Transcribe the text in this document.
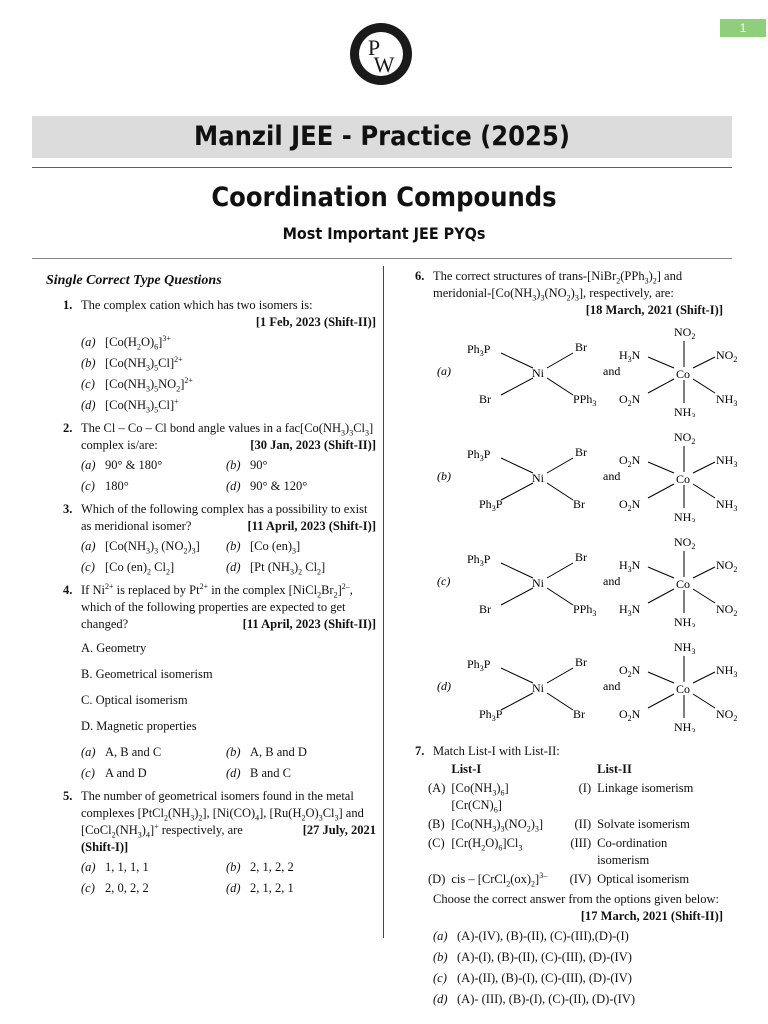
1
P
W
Manzil JEE - Practice (2025)
Coordination Compounds
Most Important JEE PYQs
Single Correct Type Questions
1. The complex cation which has two isomers is:
[1 Feb, 2023 (Shift-II)]
(a) $[Co(H_2O)_6]^{3+}$
(b) $[Co(NH_3)_5Cl]^{2+}$
(c) $[Co(NH_3)_5NO_2]^{2+}$
(d) $[Co(NH_3)_5Cl]^+$
2. The Cl – Co – Cl bond angle values in a $fac[Co(NH_3)_3Cl_3]$ complex is/are:	[30 Jan, 2023 (Shift-II)]
(a) 90° & 180°	(b) 90°
(c) 180°	(d) 90° & 120°
3. Which of the following complex has a possibility to exist as meridional isomer?	[11 April, 2023 (Shift-I)]
(a) [$Co(NH_3)_3$ $(NO_2)_3$] (b) [Co $(en)_3$]
(c) [Co $(en)_2$ $Cl_2$]	(d) [Pt $(NH_3)_2$ $Cl_2$]
4. If $Ni^{2+}$ is replaced by $Pt^{2+}$ in the complex $[NiCl_2Br_2]^{2-}$, which of the following properties are expected to get changed?	[11 April, 2023 (Shift-II)]
A. Geometry
B. Geometrical isomerism
C. Optical isomerism
D. Magnetic properties
(a) A, B and C	(b) A, B and D
(c) A and D	(d) B and C
5. The number of geometrical isomers found in the metal complexes $[PtCl_2(NH_3)_2]$, $[Ni(CO)_4]$, $[Ru(H_2O)_3Cl_3]$ and $[CoCl_2(NH_3)_4]^+$ respectively, are	[27 July, 2021
(Shift-I)]
(a) 1, 1, 1, 1	(b) 2, 1, 2, 2
(c) 2, 0, 2, 2	(d) 2, 1, 2, 1
6. The correct structures of trans-$[NiBr_2(PPh_3)_2]$ and meridonial-$[Co(NH_3)_3(NO_2)_3]$, respectively, are:
[18 March, 2021 (Shift-I)]
(a)	Ni
$Ph_3P$	Br
Br	PPh$_3$
and	Co
$NO_2$
$H_3N$	$NO_2$
$O_2N$	$NH_3$
$NH_3$
(b)	Ni
$Ph_3P$	Br
$Ph_3P$	Br
and	Co
$NO_2$
$O_2N$	$NH_3$
$O_2N$	$NH_3$
$NH_3$
(c)	Ni
$Ph_3P$	Br
Br	PPh$_3$
and	Co
$NO_2$
$H_3N$	$NO_2$
$H_3N$	$NO_2$
$NH_3$
(d)	Ni
$Ph_3P$	Br
$Ph_3P$	Br
and	Co
$NH_3$
$O_2N$	$NH_3$
$O_2N$	$NO_2$
$NH_3$
7. Match List-I with List-II:
	List-I		List-II
(A)	$[Co(NH_3)_6][Cr(CN)_6]$	(I)	Linkage isomerism
(B)	$[Co(NH_3)_3(NO_2)_3]$	(II)	Solvate isomerism
(C)	$[Cr(H_2O)_6]Cl_3$	(III)	Co-ordination isomerism
(D)	cis – $[CrCl_2(ox)_2]^{3-}$	(IV)	Optical isomerism
Choose the correct answer from the options given below:
[17 March, 2021 (Shift-II)]
(a) (A)-(IV), (B)-(II), (C)-(III),(D)-(I)
(b) (A)-(I), (B)-(II), (C)-(III), (D)-(IV)
(c) (A)-(II), (B)-(I), (C)-(III), (D)-(IV)
(d) (A)- (III), (B)-(I), (C)-(II), (D)-(IV)
